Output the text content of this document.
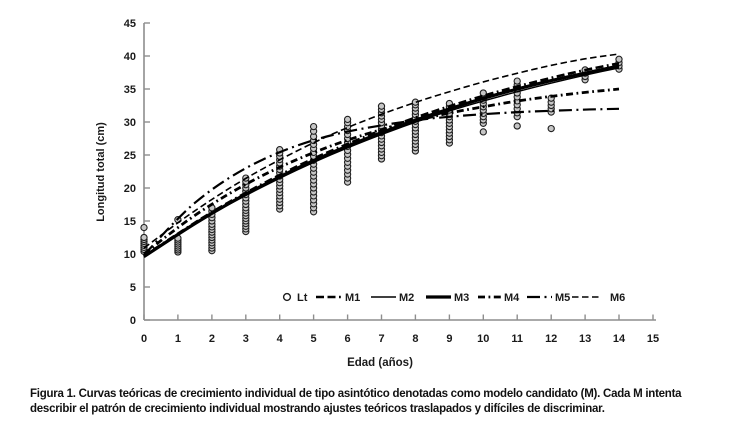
0
5
10
15
20
25
30
35
40
45
0	1	2	3	4	5	6	7	8	9 10 11 12 13 14 15
Edad (años)
Longitud total (cm)
Lt	M1	M2	M3	M4	M5	M6
Figura 1. Curvas teóricas de crecimiento individual de tipo asintótico denotadas como modelo candidato (M). Cada M intenta
describir el patrón de crecimiento individual mostrando ajustes teóricos traslapados y difíciles de discriminar.
